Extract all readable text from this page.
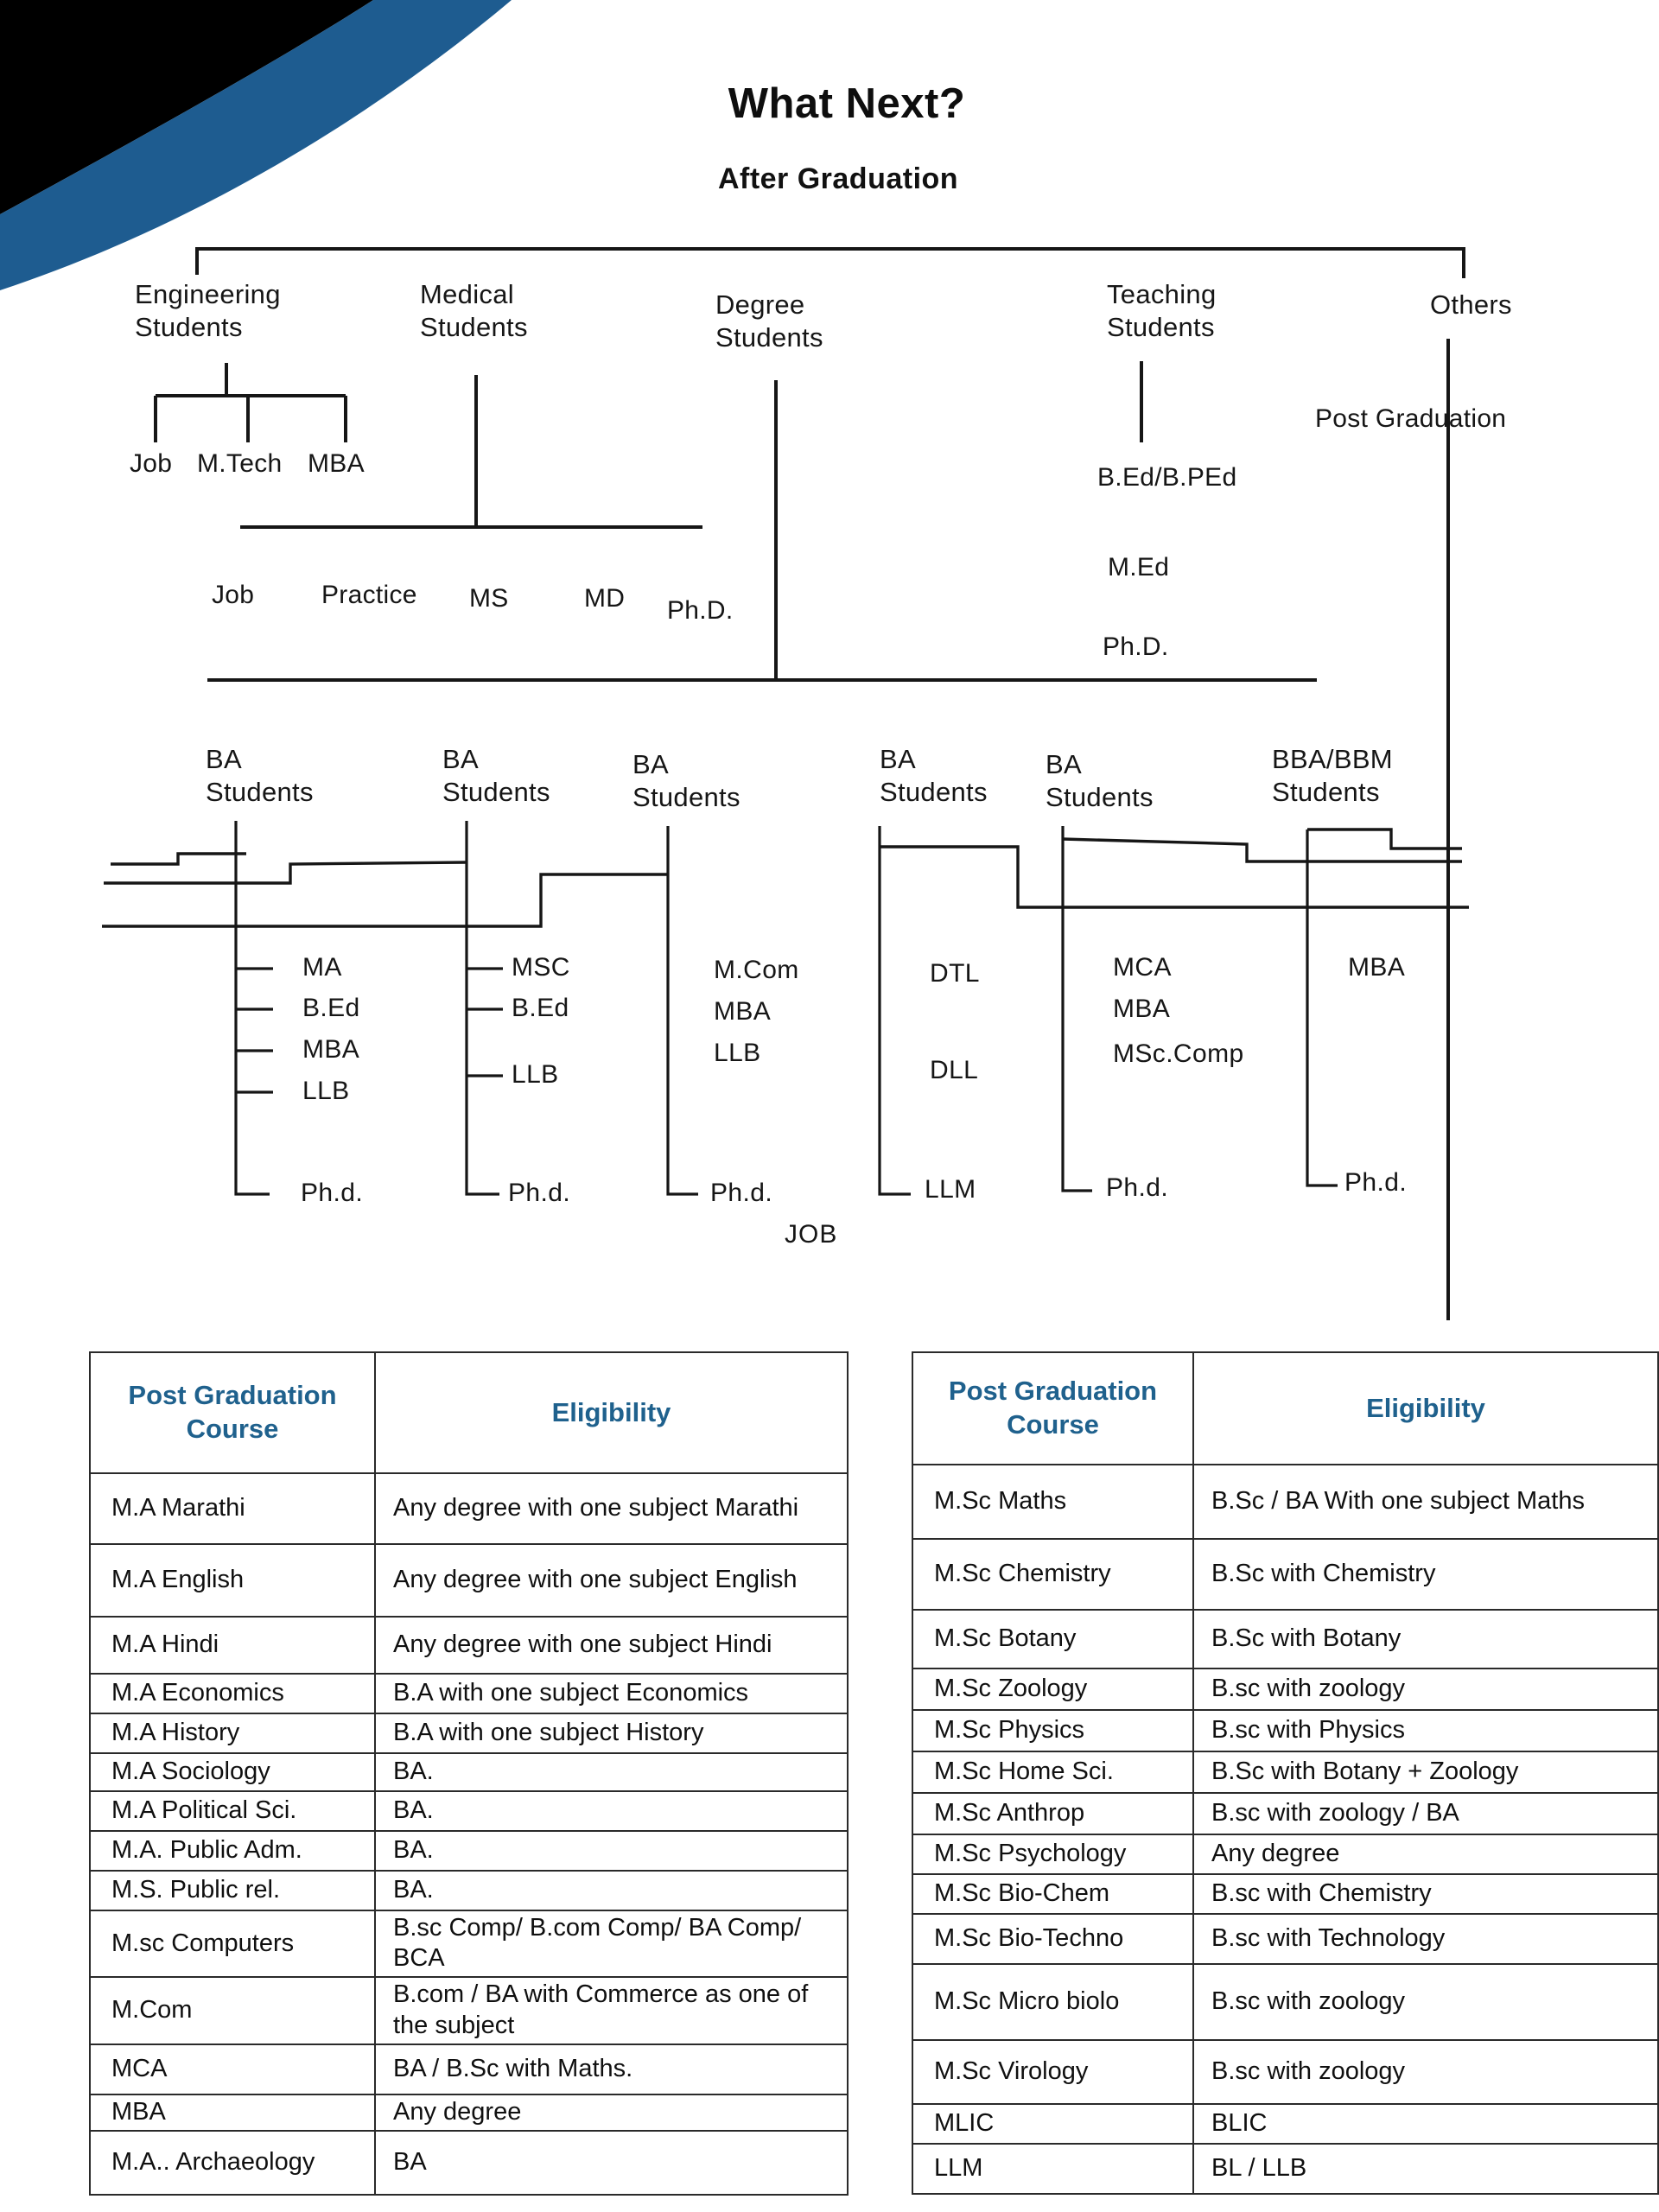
What Next?
After Graduation
Engineering Students
Medical Students
Degree Students
Teaching Students
Others
Job M.Tech MBA
Job	Practice MS	MD Ph.D.
B.Ed/B.PEd
M.Ed
Ph.D.
Post Graduation
BA Students
BA Students
BA Students
BA Students
BA Students
BBA/BBM Students
MA
B.Ed
MBA
LLB
Ph.d.
MSC
B.Ed
LLB
Ph.d.
M.Com
MBA
LLB
Ph.d.
DTL
DLL
LLM
MCA
MBA
MSc.Comp
Ph.d.
MBA
Ph.d.
JOB
Post Graduation Course	Eligibility
M.A Marathi	Any degree with one subject Marathi
M.A English	Any degree with one subject English
M.A Hindi	Any degree with one subject Hindi
M.A Economics	B.A with one subject Economics
M.A History	B.A with one subject History
M.A Sociology	BA.
M.A Political Sci.	BA.
M.A. Public Adm.	BA.
M.S. Public rel.	BA.
M.sc Computers	B.sc Comp/ B.com Comp/ BA Comp/ BCA
M.Com	B.com / BA with Commerce as one of the subject
MCA	BA / B.Sc with Maths.
MBA	Any degree
M.A.. Archaeology	BA
Post Graduation Course	Eligibility
M.Sc Maths	B.Sc / BA With one subject Maths
M.Sc Chemistry	B.Sc with Chemistry
M.Sc Botany	B.Sc with Botany
M.Sc Zoology	B.sc with zoology
M.Sc Physics	B.sc with Physics
M.Sc Home Sci.	B.Sc with Botany + Zoology
M.Sc Anthrop	B.sc with zoology / BA
M.Sc Psychology	Any degree
M.Sc Bio-Chem	B.sc with Chemistry
M.Sc Bio-Techno	B.sc with Technology
M.Sc Micro biolo	B.sc with zoology
M.Sc Virology	B.sc with zoology
MLIC	BLIC
LLM	BL / LLB
